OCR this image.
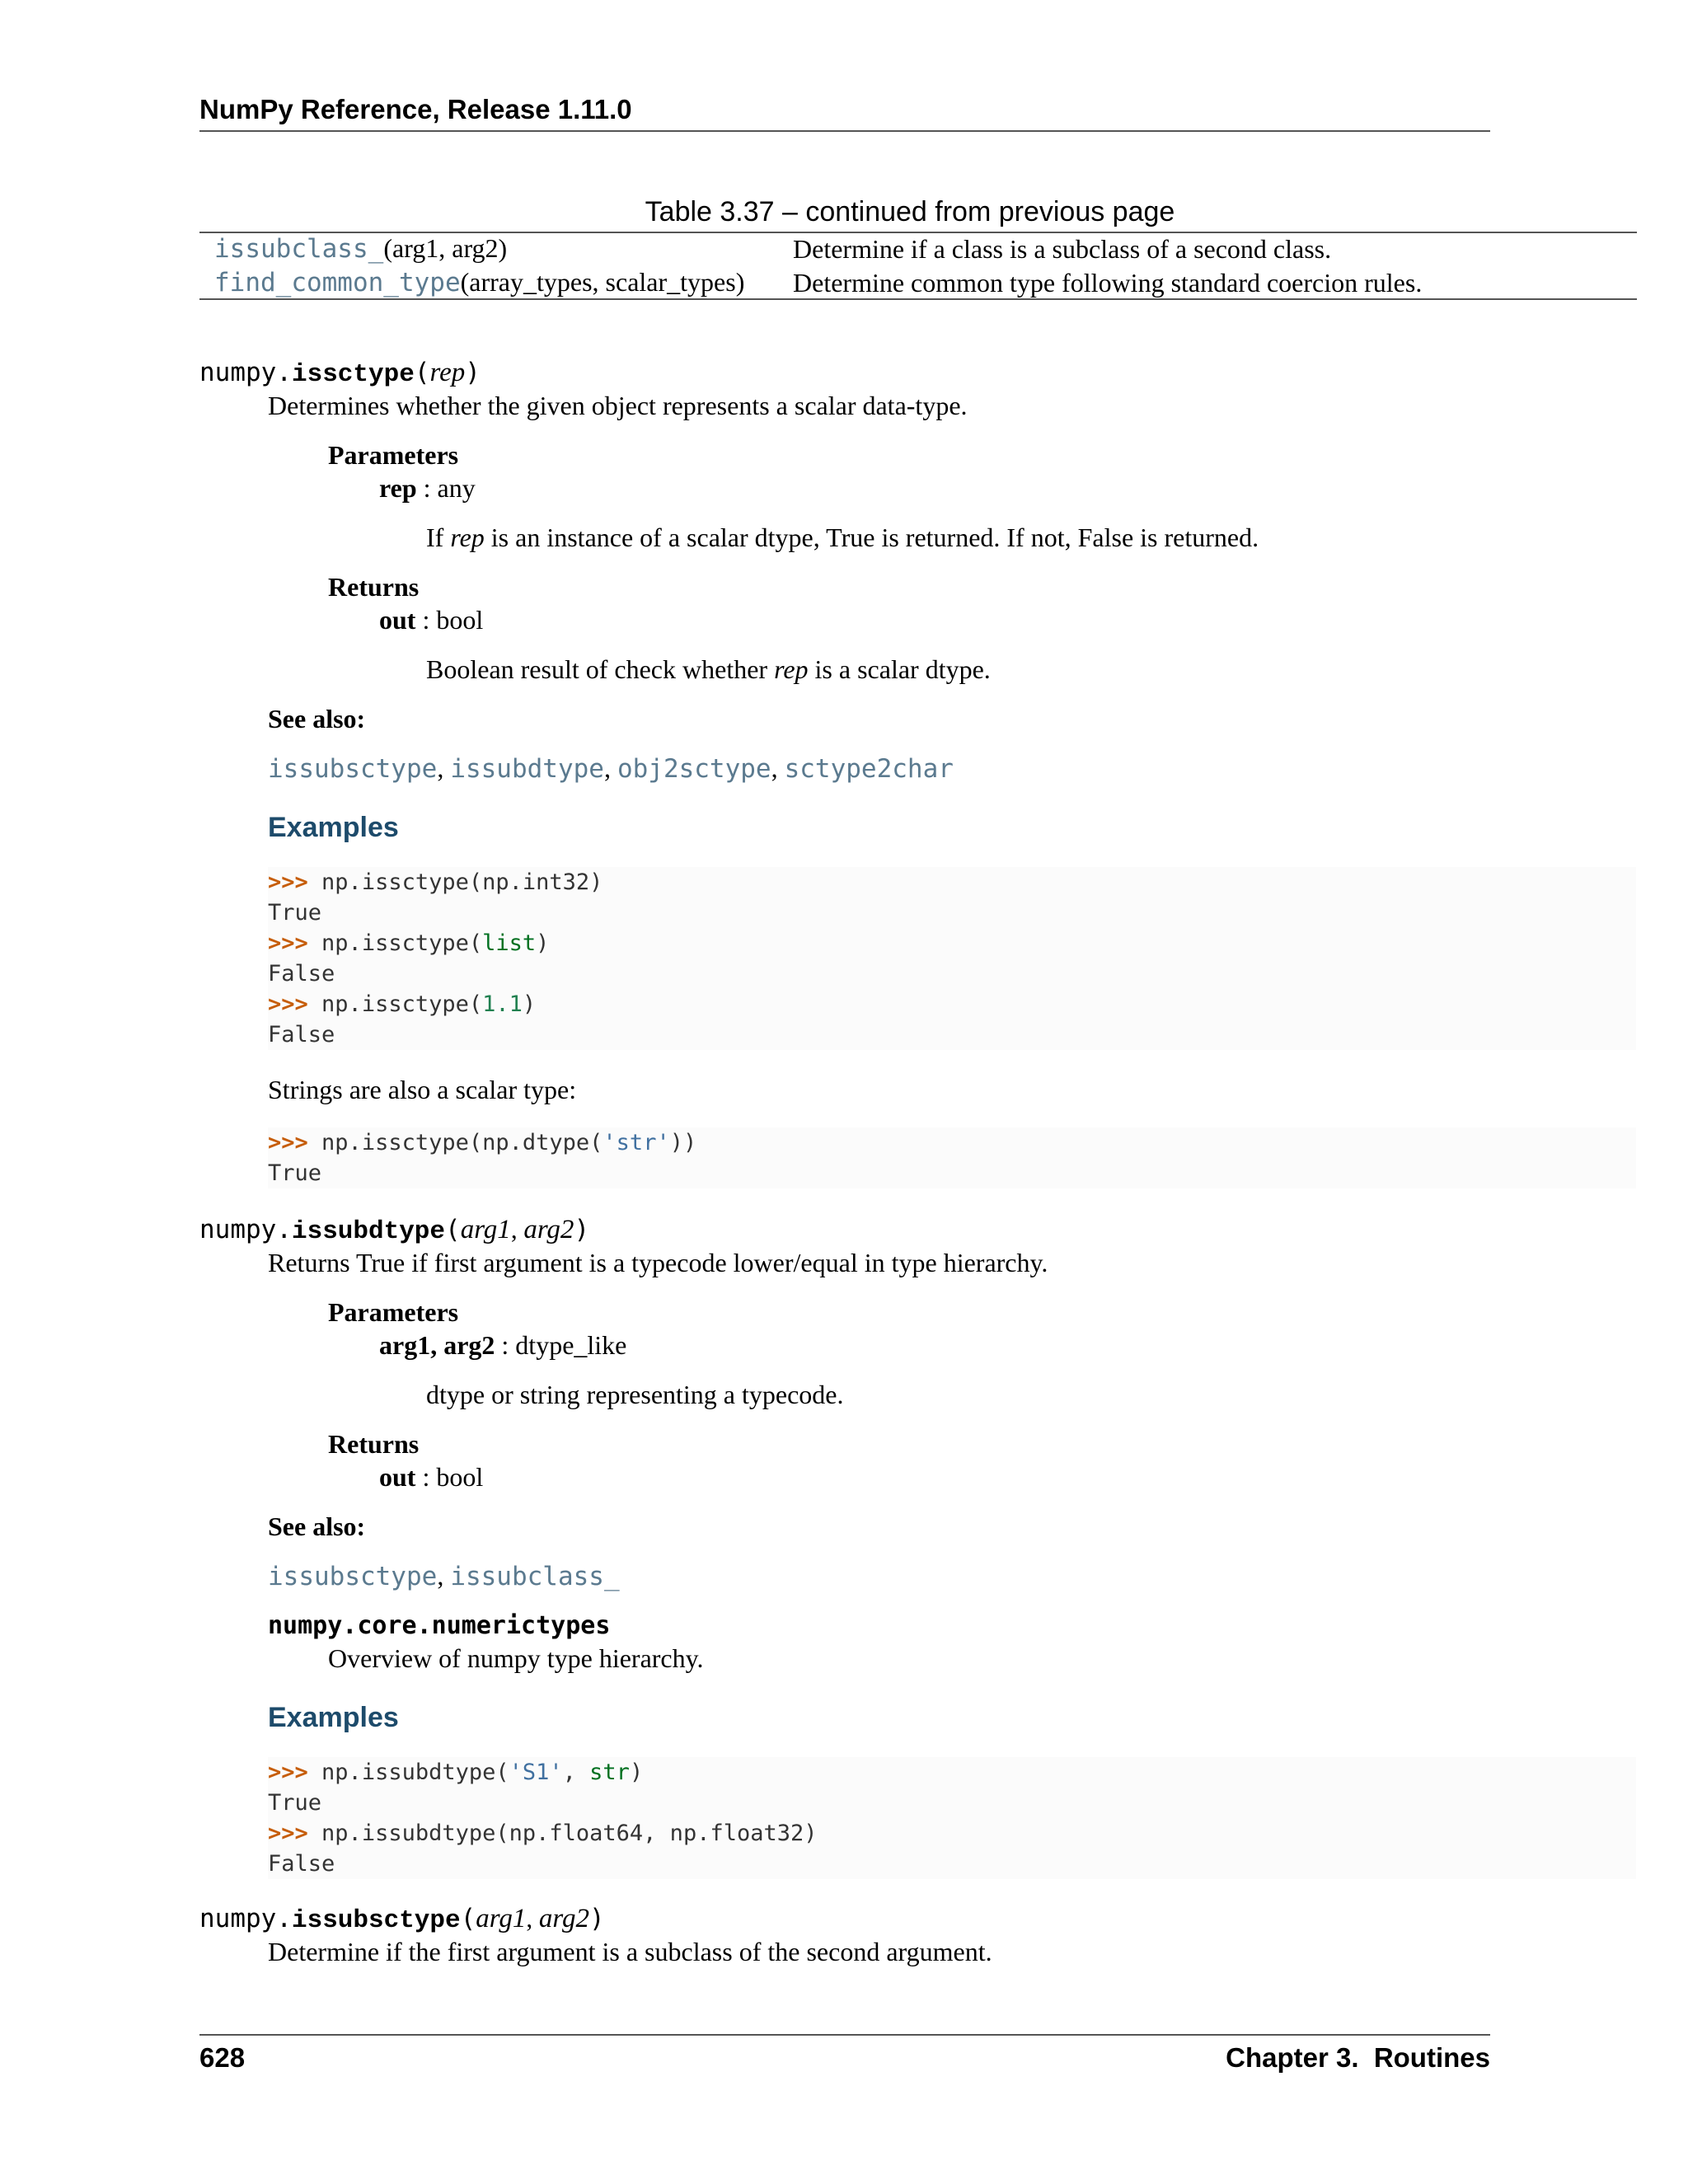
NumPy Reference, Release 1.11.0
Table 3.37 – continued from previous page
issubclass_(arg1, arg2)	Determine if a class is a subclass of a second class.
find_common_type(array_types, scalar_types)	Determine common type following standard coercion rules.
numpy.issctype(rep)
Determines whether the given object represents a scalar data-type.
Parameters
rep : any
If rep is an instance of a scalar dtype, True is returned. If not, False is returned.
Returns
out : bool
Boolean result of check whether rep is a scalar dtype.
See also:
issubsctype, issubdtype, obj2sctype, sctype2char
Examples
>>> np.issctype(np.int32)
True
>>> np.issctype(list)
False
>>> np.issctype(1.1)
False
Strings are also a scalar type:
>>> np.issctype(np.dtype('str'))
True
numpy.issubdtype(arg1, arg2)
Returns True if first argument is a typecode lower/equal in type hierarchy.
Parameters
arg1, arg2 : dtype_like
dtype or string representing a typecode.
Returns
out : bool
See also:
issubsctype, issubclass_
numpy.core.numerictypes
Overview of numpy type hierarchy.
Examples
>>> np.issubdtype('S1', str)
True
>>> np.issubdtype(np.float64, np.float32)
False
numpy.issubsctype(arg1, arg2)
Determine if the first argument is a subclass of the second argument.
628	Chapter 3.  Routines
